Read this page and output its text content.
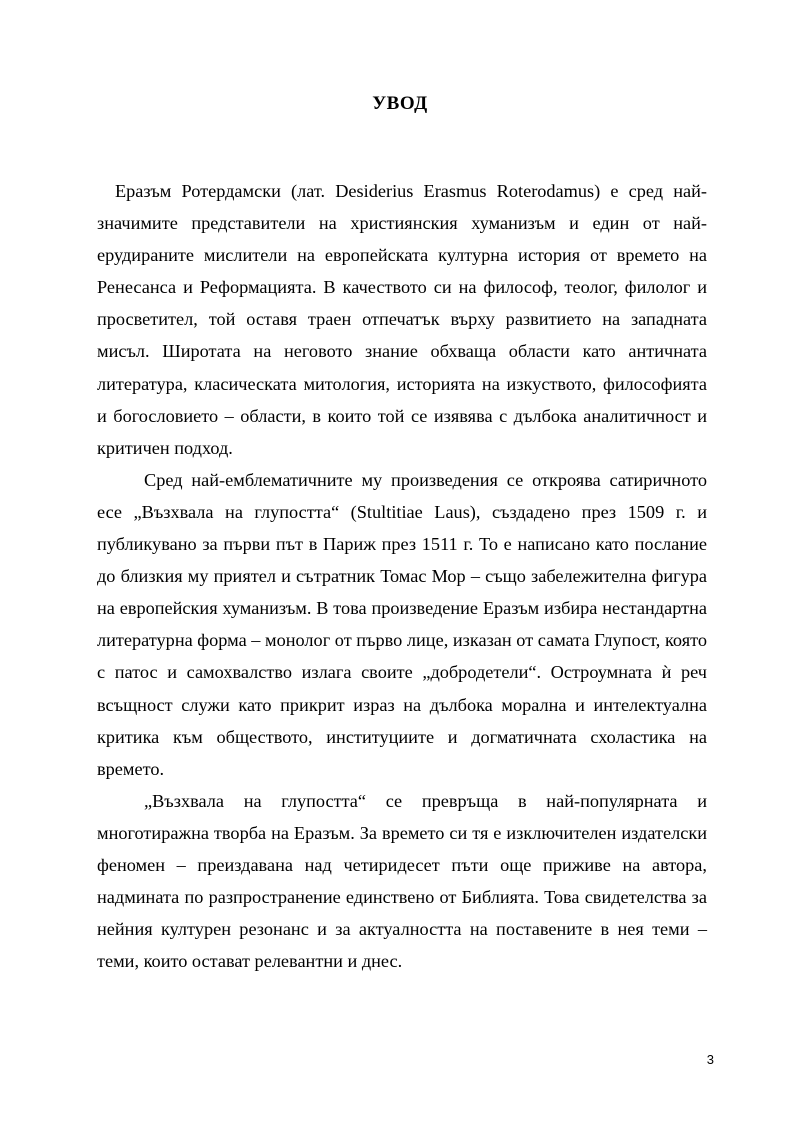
УВОД

Еразъм Ротердамски (лат. Desiderius Erasmus Roterodamus) е сред най-значимите представители на християнския хуманизъм и един от най-ерудираните мислители на европейската културна история от времето на Ренесанса и Реформацията. В качеството си на философ, теолог, филолог и просветител, той оставя траен отпечатък върху развитието на западната мисъл. Широтата на неговото знание обхваща области като античната литература, класическата митология, историята на изкуството, философията и богословието – области, в които той се изявява с дълбока аналитичност и критичен подход.

Сред най-емблематичните му произведения се откроява сатиричното есе „Възхвала на глупостта“ (Stultitiae Laus), създадено през 1509 г. и публикувано за първи път в Париж през 1511 г. То е написано като послание до близкия му приятел и сътратник Томас Мор – също забележителна фигура на европейския хуманизъм. В това произведение Еразъм избира нестандартна литературна форма – монолог от първо лице, изказан от самата Глупост, която с патос и самохвалство излага своите „добродетели“. Остроумната ѝ реч всъщност служи като прикрит израз на дълбока морална и интелектуална критика към обществото, институциите и догматичната схоластика на времето.

„Възхвала на глупостта“ се превръща в най-популярната и многотиражна творба на Еразъм. За времето си тя е изключителен издателски феномен – преиздавана над четиридесет пъти още приживе на автора, надмината по разпространение единствено от Библията. Това свидетелства за нейния културен резонанс и за актуалността на поставените в нея теми – теми, които остават релевантни и днес.

3
